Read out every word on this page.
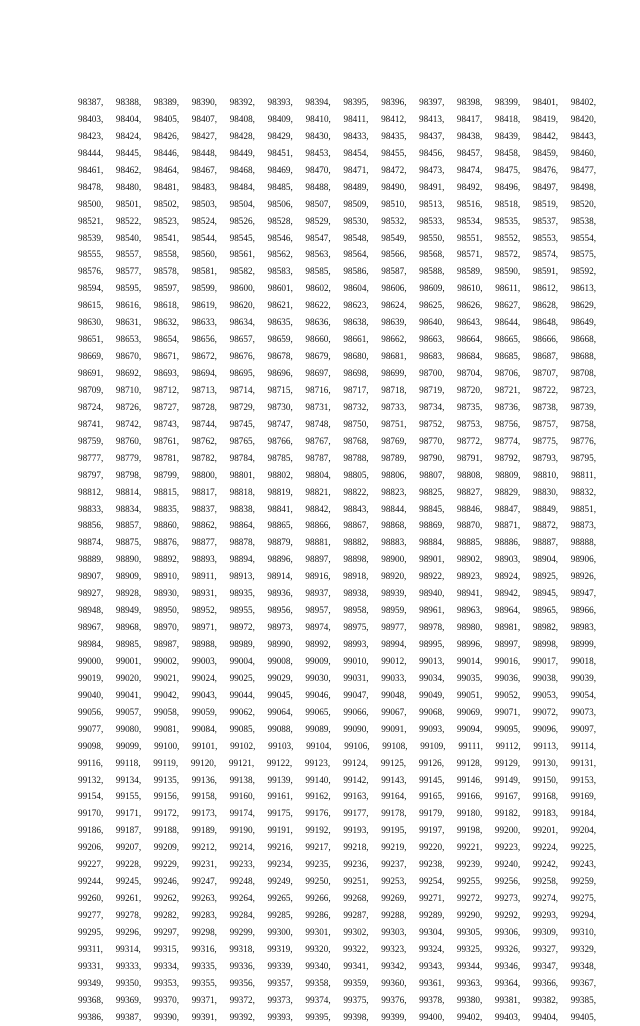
98387, 98388, 98389, 98390, 98392, 98393, 98394, 98395, 98396, 98397, 98398, 98399, 98401, 98402,
98403, 98404, 98405, 98407, 98408, 98409, 98410, 98411, 98412, 98413, 98417, 98418, 98419, 98420,
98423, 98424, 98426, 98427, 98428, 98429, 98430, 98433, 98435, 98437, 98438, 98439, 98442, 98443,
98444, 98445, 98446, 98448, 98449, 98451, 98453, 98454, 98455, 98456, 98457, 98458, 98459, 98460,
98461, 98462, 98464, 98467, 98468, 98469, 98470, 98471, 98472, 98473, 98474, 98475, 98476, 98477,
98478, 98480, 98481, 98483, 98484, 98485, 98488, 98489, 98490, 98491, 98492, 98496, 98497, 98498,
98500, 98501, 98502, 98503, 98504, 98506, 98507, 98509, 98510, 98513, 98516, 98518, 98519, 98520,
98521, 98522, 98523, 98524, 98526, 98528, 98529, 98530, 98532, 98533, 98534, 98535, 98537, 98538,
98539, 98540, 98541, 98544, 98545, 98546, 98547, 98548, 98549, 98550, 98551, 98552, 98553, 98554,
98555, 98557, 98558, 98560, 98561, 98562, 98563, 98564, 98566, 98568, 98571, 98572, 98574, 98575,
98576, 98577, 98578, 98581, 98582, 98583, 98585, 98586, 98587, 98588, 98589, 98590, 98591, 98592,
98594, 98595, 98597, 98599, 98600, 98601, 98602, 98604, 98606, 98609, 98610, 98611, 98612, 98613,
98615, 98616, 98618, 98619, 98620, 98621, 98622, 98623, 98624, 98625, 98626, 98627, 98628, 98629,
98630, 98631, 98632, 98633, 98634, 98635, 98636, 98638, 98639, 98640, 98643, 98644, 98648, 98649,
98651, 98653, 98654, 98656, 98657, 98659, 98660, 98661, 98662, 98663, 98664, 98665, 98666, 98668,
98669, 98670, 98671, 98672, 98676, 98678, 98679, 98680, 98681, 98683, 98684, 98685, 98687, 98688,
98691, 98692, 98693, 98694, 98695, 98696, 98697, 98698, 98699, 98700, 98704, 98706, 98707, 98708,
98709, 98710, 98712, 98713, 98714, 98715, 98716, 98717, 98718, 98719, 98720, 98721, 98722, 98723,
98724, 98726, 98727, 98728, 98729, 98730, 98731, 98732, 98733, 98734, 98735, 98736, 98738, 98739,
98741, 98742, 98743, 98744, 98745, 98747, 98748, 98750, 98751, 98752, 98753, 98756, 98757, 98758,
98759, 98760, 98761, 98762, 98765, 98766, 98767, 98768, 98769, 98770, 98772, 98774, 98775, 98776,
98777, 98779, 98781, 98782, 98784, 98785, 98787, 98788, 98789, 98790, 98791, 98792, 98793, 98795,
98797, 98798, 98799, 98800, 98801, 98802, 98804, 98805, 98806, 98807, 98808, 98809, 98810, 98811,
98812, 98814, 98815, 98817, 98818, 98819, 98821, 98822, 98823, 98825, 98827, 98829, 98830, 98832,
98833, 98834, 98835, 98837, 98838, 98841, 98842, 98843, 98844, 98845, 98846, 98847, 98849, 98851,
98856, 98857, 98860, 98862, 98864, 98865, 98866, 98867, 98868, 98869, 98870, 98871, 98872, 98873,
98874, 98875, 98876, 98877, 98878, 98879, 98881, 98882, 98883, 98884, 98885, 98886, 98887, 98888,
98889, 98890, 98892, 98893, 98894, 98896, 98897, 98898, 98900, 98901, 98902, 98903, 98904, 98906,
98907, 98909, 98910, 98911, 98913, 98914, 98916, 98918, 98920, 98922, 98923, 98924, 98925, 98926,
98927, 98928, 98930, 98931, 98935, 98936, 98937, 98938, 98939, 98940, 98941, 98942, 98945, 98947,
98948, 98949, 98950, 98952, 98955, 98956, 98957, 98958, 98959, 98961, 98963, 98964, 98965, 98966,
98967, 98968, 98970, 98971, 98972, 98973, 98974, 98975, 98977, 98978, 98980, 98981, 98982, 98983,
98984, 98985, 98987, 98988, 98989, 98990, 98992, 98993, 98994, 98995, 98996, 98997, 98998, 98999,
99000, 99001, 99002, 99003, 99004, 99008, 99009, 99010, 99012, 99013, 99014, 99016, 99017, 99018,
99019, 99020, 99021, 99024, 99025, 99029, 99030, 99031, 99033, 99034, 99035, 99036, 99038, 99039,
99040, 99041, 99042, 99043, 99044, 99045, 99046, 99047, 99048, 99049, 99051, 99052, 99053, 99054,
99056, 99057, 99058, 99059, 99062, 99064, 99065, 99066, 99067, 99068, 99069, 99071, 99072, 99073,
99077, 99080, 99081, 99084, 99085, 99088, 99089, 99090, 99091, 99093, 99094, 99095, 99096, 99097,
99098, 99099, 99100, 99101, 99102, 99103, 99104, 99106, 99108, 99109, 99111, 99112, 99113, 99114,
99116, 99118, 99119, 99120, 99121, 99122, 99123, 99124, 99125, 99126, 99128, 99129, 99130, 99131,
99132, 99134, 99135, 99136, 99138, 99139, 99140, 99142, 99143, 99145, 99146, 99149, 99150, 99153,
99154, 99155, 99156, 99158, 99160, 99161, 99162, 99163, 99164, 99165, 99166, 99167, 99168, 99169,
99170, 99171, 99172, 99173, 99174, 99175, 99176, 99177, 99178, 99179, 99180, 99182, 99183, 99184,
99186, 99187, 99188, 99189, 99190, 99191, 99192, 99193, 99195, 99197, 99198, 99200, 99201, 99204,
99206, 99207, 99209, 99212, 99214, 99216, 99217, 99218, 99219, 99220, 99221, 99223, 99224, 99225,
99227, 99228, 99229, 99231, 99233, 99234, 99235, 99236, 99237, 99238, 99239, 99240, 99242, 99243,
99244, 99245, 99246, 99247, 99248, 99249, 99250, 99251, 99253, 99254, 99255, 99256, 99258, 99259,
99260, 99261, 99262, 99263, 99264, 99265, 99266, 99268, 99269, 99271, 99272, 99273, 99274, 99275,
99277, 99278, 99282, 99283, 99284, 99285, 99286, 99287, 99288, 99289, 99290, 99292, 99293, 99294,
99295, 99296, 99297, 99298, 99299, 99300, 99301, 99302, 99303, 99304, 99305, 99306, 99309, 99310,
99311, 99314, 99315, 99316, 99318, 99319, 99320, 99322, 99323, 99324, 99325, 99326, 99327, 99329,
99331, 99333, 99334, 99335, 99336, 99339, 99340, 99341, 99342, 99343, 99344, 99346, 99347, 99348,
99349, 99350, 99353, 99355, 99356, 99357, 99358, 99359, 99360, 99361, 99363, 99364, 99366, 99367,
99368, 99369, 99370, 99371, 99372, 99373, 99374, 99375, 99376, 99378, 99380, 99381, 99382, 99385,
99386, 99387, 99390, 99391, 99392, 99393, 99395, 99398, 99399, 99400, 99402, 99403, 99404, 99405,
